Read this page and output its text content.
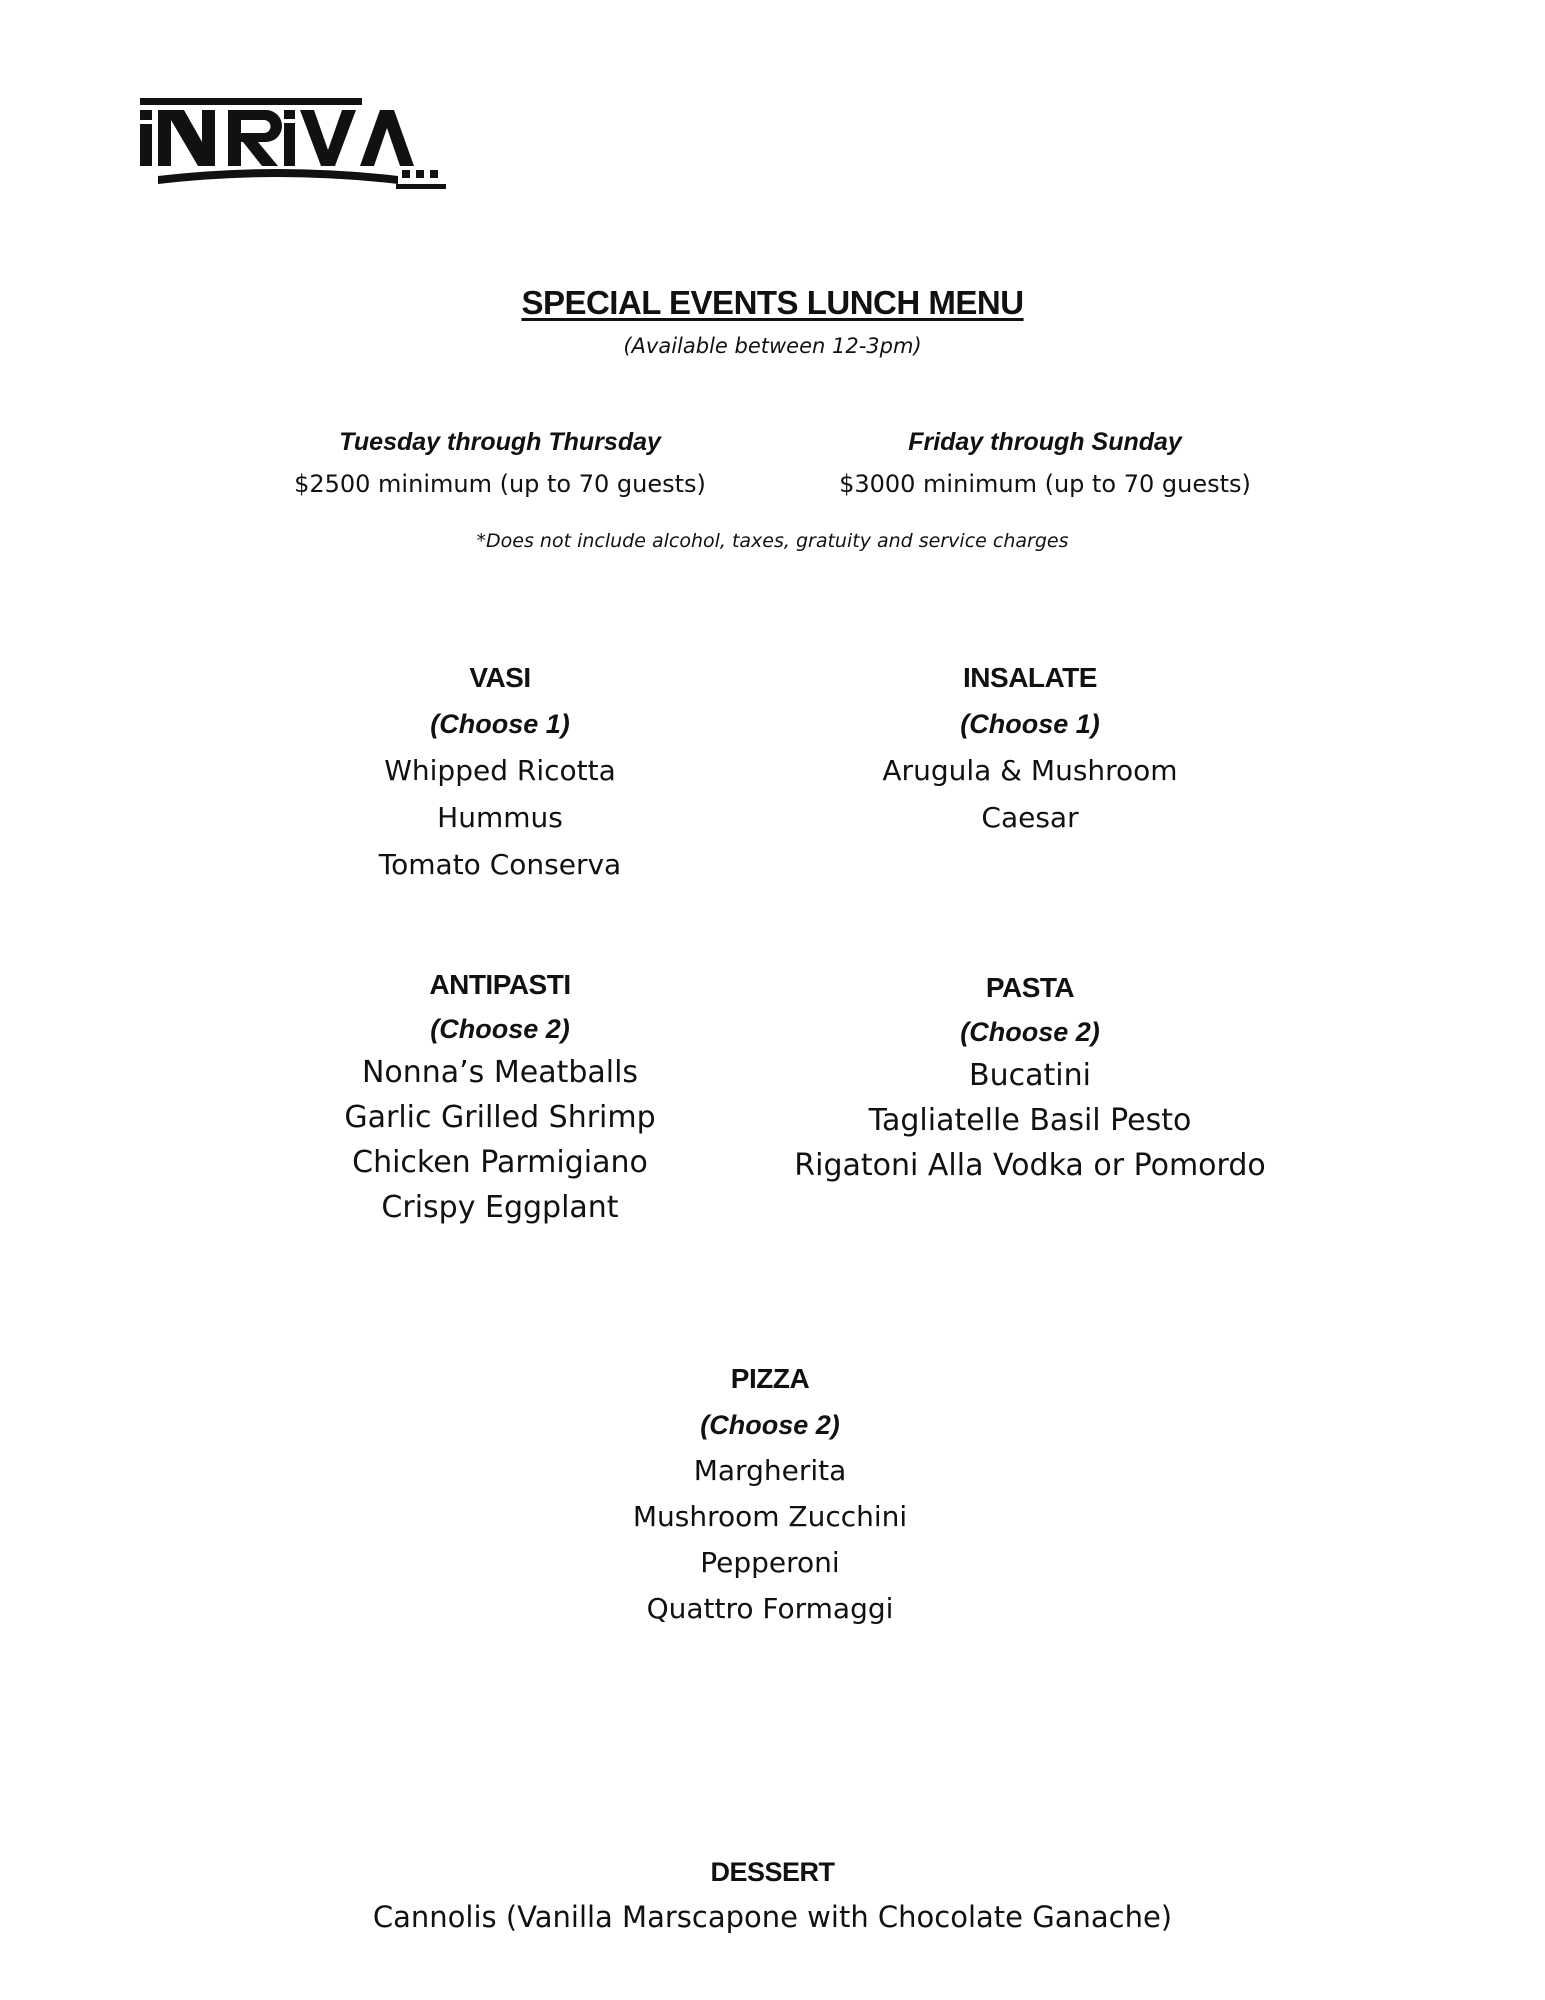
SPECIAL EVENTS LUNCH MENU
(Available between 12-3pm)
Tuesday through Thursday	Friday through Sunday
$2500 minimum (up to 70 guests)	$3000 minimum (up to 70 guests)
*Does not include alcohol, taxes, gratuity and service charges
VASI
(Choose 1)
Whipped Ricotta
Hummus
Tomato Conserva
INSALATE
(Choose 1)
Arugula & Mushroom
Caesar
ANTIPASTI
(Choose 2)
Nonna’s Meatballs
Garlic Grilled Shrimp
Chicken Parmigiano
Crispy Eggplant
PASTA
(Choose 2)
Bucatini
Tagliatelle Basil Pesto
Rigatoni Alla Vodka or Pomordo
PIZZA
(Choose 2)
Margherita
Mushroom Zucchini
Pepperoni
Quattro Formaggi
DESSERT
Cannolis (Vanilla Marscapone with Chocolate Ganache)
